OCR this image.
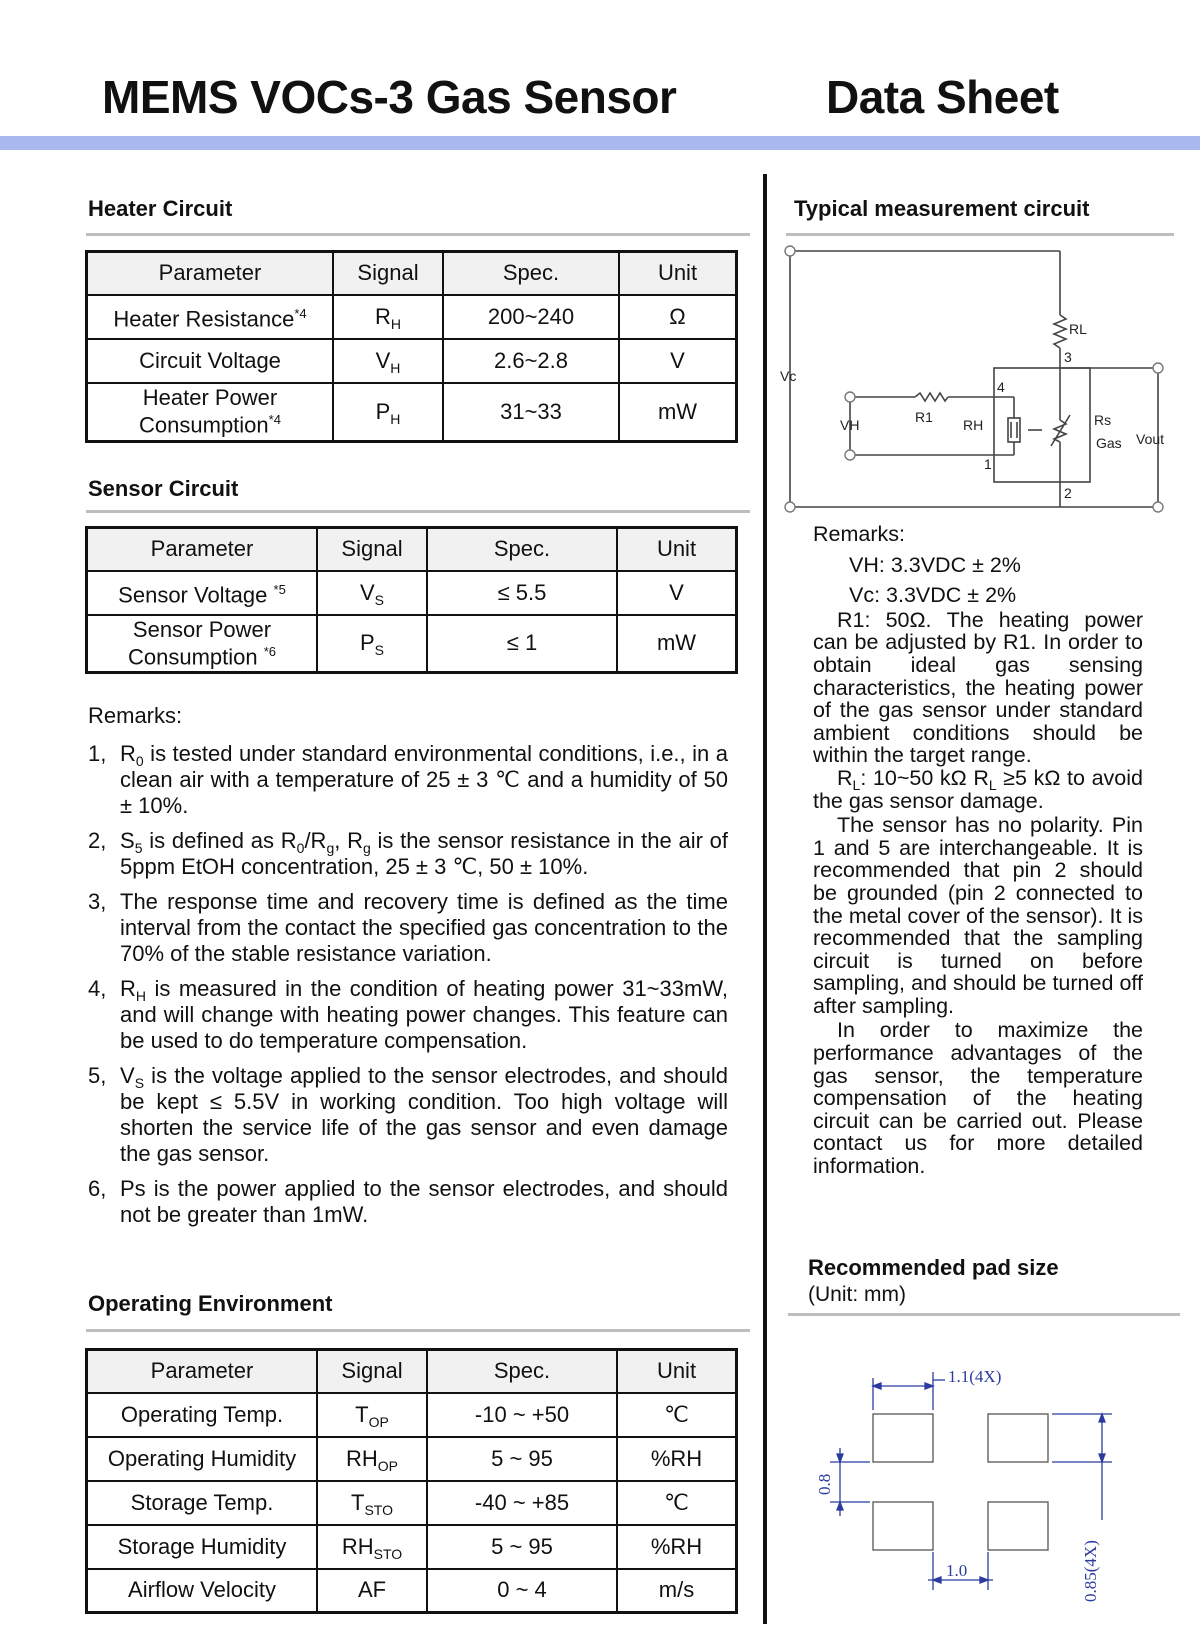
MEMS VOCs-3 Gas Sensor	Data Sheet
Heater Circuit
Parameter	Signal	Spec.	Unit
Heater Resistance$^{*4}$	$R_H$	200~240	Ω
Circuit Voltage	$V_H$	2.6~2.8	V
Heater Power
Consumption$^{*4}$	$P_H$	31~33	mW
Sensor Circuit
Parameter	Signal	Spec.	Unit
Sensor Voltage $^{*5}$	$V_S$	≤ 5.5	V
Sensor Power
Consumption $^{*6}$	$P_S$	≤ 1	mW
Remarks:
1, $R_0$ is tested under standard environmental conditions, i.e., in a clean air with a temperature of 25 ± 3 ℃ and a humidity of 50 ± 10%.
2, $S_5$ is defined as $R_0/R_g$, $R_g$ is the sensor resistance in the air of 5ppm EtOH concentration, 25 ± 3 ℃, 50 ± 10%.
3, The response time and recovery time is defined as the time interval from the contact the specified gas concentration to the 70% of the stable resistance variation.
4, $R_H$ is measured in the condition of heating power 31~33mW, and will change with heating power changes. This feature can be used to do temperature compensation.
5, $V_S$ is the voltage applied to the sensor electrodes, and should be kept ≤ 5.5V in working condition. Too high voltage will shorten the service life of the gas sensor and even damage the gas sensor.
6, Ps is the power applied to the sensor electrodes, and should not be greater than 1mW.
Operating Environment
Parameter	Signal	Spec.	Unit
Operating Temp.	$T_{OP}$	-10 ~ +50	℃
Operating Humidity	$RH_{OP}$	5 ~ 95	%RH
Storage Temp.	$T_{STO}$	-40 ~ +85	℃
Storage Humidity	$RH_{STO}$	5 ~ 95	%RH
Airflow Velocity	AF	0 ~ 4	m/s
Typical measurement circuit
Vc
VH
RL
R1 RH	Rs
Gas Vout
1
2
3
4

Remarks:

VH: 3.3VDC ± 2%

Vc: 3.3VDC ± 2%

R1: 50Ω. The heating power can be adjusted by R1. In order to obtain ideal gas sensing characteristics, the heating power of the gas sensor under standard ambient conditions should be within the target range.

$R_L$: 10~50 kΩ $R_L \ge 5$ kΩ to avoid the gas sensor damage.

The sensor has no polarity. Pin 1 and 5 are interchangeable. It is recommended that pin 2 should be grounded (pin 2 connected to the metal cover of the sensor). It is recommended that the sampling circuit is turned on before sampling, and should be turned off after sampling.

In order to maximize the performance advantages of the gas sensor, the temperature compensation of the heating circuit can be carried out. Please contact us for more detailed information.

Recommended pad size
(Unit: mm)
1.1(4X)
0.8
0.85(4X)
1.0
